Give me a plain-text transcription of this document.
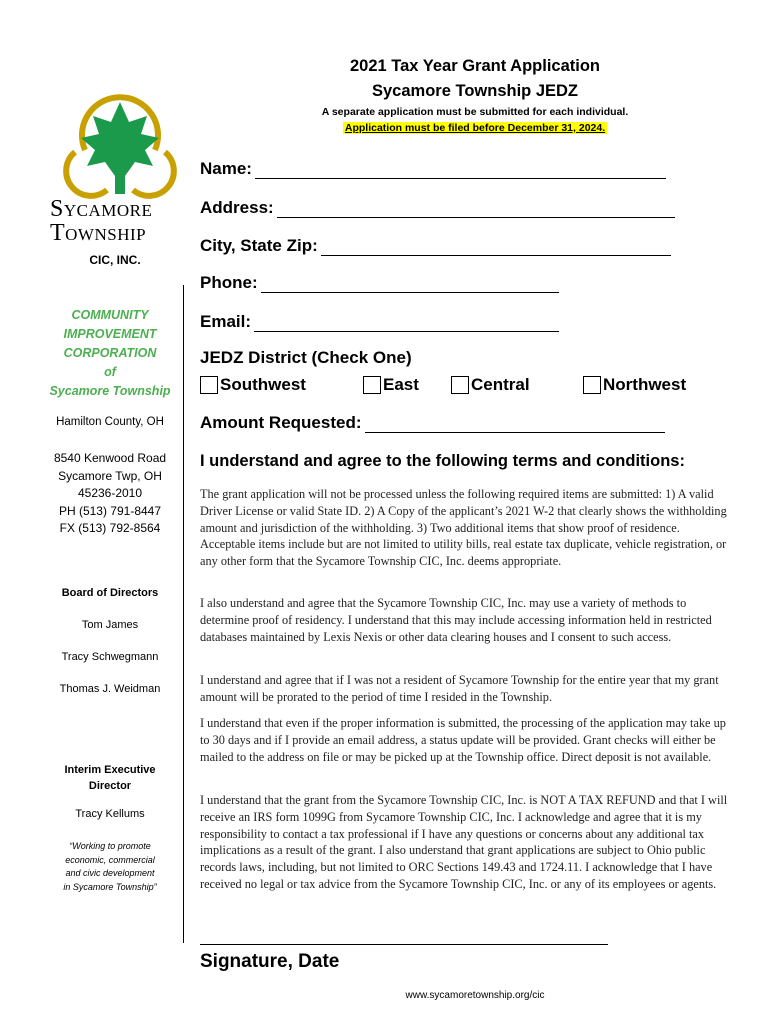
2021 Tax Year Grant Application
Sycamore Township JEDZ
A separate application must be submitted for each individual.
Application must be filed before December 31, 2024.
Sycamore
Township
CIC, INC.
COMMUNITY
IMPROVEMENT
CORPORATION
of
Sycamore Township
Hamilton County, OH
8540 Kenwood Road
Sycamore Twp, OH
45236-2010
PH (513) 791-8447
FX (513) 792-8564
Board of Directors
Tom James
Tracy Schwegmann
Thomas J. Weidman
Interim Executive
Director
Tracy Kellums
“Working to promote
economic, commercial
and civic development
in Sycamore Township”
Name:
Address:
City, State Zip:
Phone:
Email:
JEDZ District (Check One)
Southwest	East	Central	Northwest
Amount Requested:
I understand and agree to the following terms and conditions:
The grant application will not be processed unless the following required items are submitted: 1) A valid Driver License or valid State ID. 2) A Copy of the applicant’s 2021 W-2 that clearly shows the withholding amount and jurisdiction of the withholding. 3) Two additional items that show proof of residence. Acceptable items include but are not limited to utility bills, real estate tax duplicate, vehicle registration, or any other form that the Sycamore Township CIC, Inc. deems appropriate.
I also understand and agree that the Sycamore Township CIC, Inc. may use a variety of methods to determine proof of residency. I understand that this may include accessing information held in restricted databases maintained by Lexis Nexis or other data clearing houses and I consent to such access.
I understand and agree that if I was not a resident of Sycamore Township for the entire year that my grant amount will be prorated to the period of time I resided in the Township.
I understand that even if the proper information is submitted, the processing of the application may take up to 30 days and if I provide an email address, a status update will be provided. Grant checks will either be mailed to the address on file or may be picked up at the Township office. Direct deposit is not available.
I understand that the grant from the Sycamore Township CIC, Inc. is NOT A TAX REFUND and that I will receive an IRS form 1099G from Sycamore Township CIC, Inc. I acknowledge and agree that it is my responsibility to contact a tax professional if I have any questions or concerns about any additional tax implications as a result of the grant. I also understand that grant applications are subject to Ohio public records laws, including, but not limited to ORC Sections 149.43 and 1724.11. I acknowledge that I have received no legal or tax advice from the Sycamore Township CIC, Inc. or any of its employees or agents.
Signature, Date
www.sycamoretownship.org/cic
